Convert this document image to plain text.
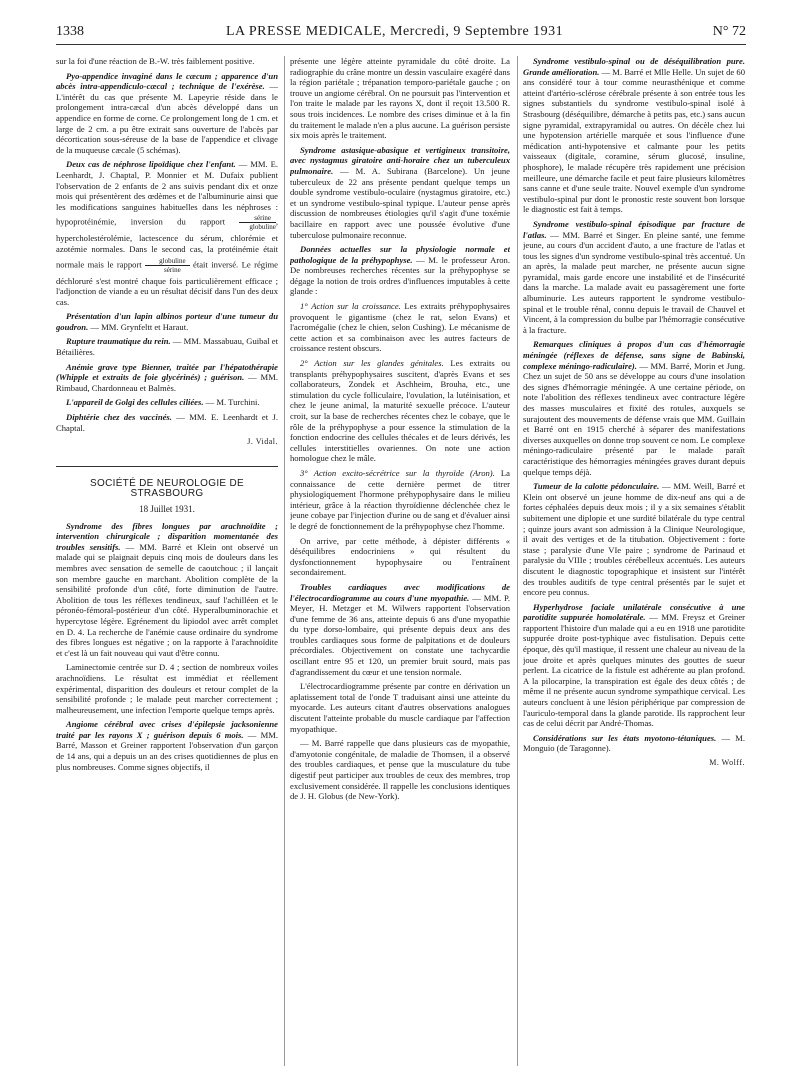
1338	LA PRESSE MEDICALE, Mercredi, 9 Septembre 1931	N° 72

sur la foi d'une réaction de B.-W. très faiblement positive.

Pyo-appendice invaginé dans le cæcum ; apparence d'un abcès intra-appendiculo-cæcal ; technique de l'exérèse. — L'intérêt du cas que présente M. Lapeyrie réside dans le prolongement intra-cæcal d'un abcès développé dans un appendice en forme de corne. Ce prolongement long de 1 cm. et large de 2 cm. a pu être extrait sans ouverture de l'abcès par décortication sous-séreuse de la base de l'appendice et clivage de la muqueuse cæcale (5 schémas).

Deux cas de néphrose lipoïdique chez l'enfant. — MM. E. Leenhardt, J. Chaptal, P. Monnier et M. Dufaix publient l'observation de 2 enfants de 2 ans suivis pendant dix et onze mois qui présentèrent des œdèmes et de l'albuminurie ainsi que les modifications sanguines habituelles dans les néphroses : hypoprotéinémie, inversion du rapport $\frac{\text{sérine}}{\text{globuline}}$ , hypercholestérolémie, lactescence du sérum, chlorémie et azotémie normales. Dans le second cas, la protéinémie était normale mais le rapport $\frac{\text{globuline}}{\text{sérine}}$ était inversé. Le régime déchloruré s'est montré chaque fois particulièrement efficace ; l'adjonction de viande a eu un résultat décisif dans l'un des deux cas.

Présentation d'un lapin albinos porteur d'une tumeur du goudron. — MM. Grynfeltt et Haraut.

Rupture traumatique du rein. — MM. Massabuau, Guibal et Bétailières.

Anémie grave type Bienner, traitée par l'hépatothérapie (Whipple et extraits de foie glycérinés) ; guérison. — MM. Rimbaud, Chardonneau et Balmès.

L'appareil de Golgi des cellules ciliées. — M. Turchini.

Diphtérie chez des vaccinés. — MM. E. Leenhardt et J. Chaptal.

J. Vidal.
SOCIÉTÉ DE NEUROLOGIE DE STRASBOURG
18 Juillet 1931.

Syndrome des fibres longues par arachnoïdite ; intervention chirurgicale ; disparition momentanée des troubles sensitifs. — MM. Barré et Klein ont observé un malade qui se plaignait depuis cinq mois de douleurs dans les membres avec sensation de semelle de caoutchouc ; il lançait son membre gauche en marchant. Abolition complète de la sensibilité profonde d'un côté, forte diminution de l'autre. Abolition de tous les réflexes tendineux, sauf l'achilléen et le péronéo-fémoral-postérieur d'un côté. Hyperalbuminorachie et hypercytose légère. Egrénement du lipiodol avec arrêt complet en D. 4. La recherche de l'anémie cause ordinaire du syndrome des fibres longues est négative ; on la rapporte à l'arachnoïdite et c'est là un fait nouveau qui vaut d'être connu.

Laminectomie centrée sur D. 4 ; section de nombreux voiles arachnoïdiens. Le résultat est immédiat et réellement expérimental, disparition des douleurs et retour complet de la sensibilité profonde ; le malade peut marcher correctement ; malheureusement, une infection l'emporte quelque temps après.

Angiome cérébral avec crises d'épilepsie jacksonienne traité par les rayons X ; guérison depuis 6 mois. — MM. Barré, Masson et Greiner rapportent l'observation d'un garçon de 14 ans, qui a depuis un an des crises quotidiennes de plus en plus nombreuses. Comme signes objectifs, il

présente une légère atteinte pyramidale du côté droite. La radiographie du crâne montre un dessin vasculaire exagéré dans la région pariétale ; trépanation temporo-pariétale gauche ; on trouve un angiome cérébral. On ne poursuit pas l'intervention et l'on traite le malade par les rayons X, dont il reçoit 13.500 R. sous trois incidences. Le nombre des crises diminue et à la fin du traitement le malade n'en a plus aucune. La guérison persiste six mois après le traitement.

Syndrome astasique-abasique et vertigineux transitoire, avec nystagmus giratoire anti-horaire chez un tuberculeux pulmonaire. — M. A. Subirana (Barcelone). Un jeune tuberculeux de 22 ans présente pendant quelque temps un double syndrome vestibulo-oculaire (nystagmus giratoire, etc.) et un syndrome vestibulo-spinal typique. L'auteur pense après discussion de nombreuses étiologies qu'il s'agit d'une toxémie bacillaire en rapport avec une poussée évolutive d'une tuberculose pulmonaire reconnue.

Données actuelles sur la physiologie normale et pathologique de la préhypophyse. — M. le professeur Aron. De nombreuses recherches récentes sur la préhypophyse se dégage la notion de trois ordres d'influences imputables à cette glande :

1° Action sur la croissance. Les extraits préhypophysaires provoquent le gigantisme (chez le rat, selon Evans) et l'acromégalie (chez le chien, selon Cushing). Le mécanisme de cette action et sa combinaison avec les autres facteurs de croissance restent obscurs.

2° Action sur les glandes génitales. Les extraits ou transplants préhypophysaires suscitent, d'après Evans et ses collaborateurs, Zondek et Aschheim, Brouha, etc., une stimulation du cycle folliculaire, l'ovulation, la lutéinisation, et chez le jeune animal, la maturité sexuelle précoce. L'auteur croit, sur la base de recherches récentes chez le cobaye, que le rôle de la préhypophyse a pour essence la stimulation de la fonction endocrine des cellules thécales et de leurs dérivés, les cellules interstitielles ovariennes. On note une action homologue chez le mâle.

3° Action excito-sécrétrice sur la thyroïde (Aron). La connaissance de cette dernière permet de titrer physiologiquement l'hormone préhypophysaire dans le milieu intérieur, grâce à la réaction thyroïdienne déclenchée chez le jeune cobaye par l'injection d'urine ou de sang et d'évaluer ainsi le degré de fonctionnement de la préhypophyse chez l'homme.

On arrive, par cette méthode, à dépister différents « déséquilibres endocriniens » qui résultent du dysfonctionnement hypophysaire ou l'entraînent secondairement.

Troubles cardiaques avec modifications de l'électrocardiogramme au cours d'une myopathie. — MM. P. Meyer, H. Metzger et M. Wilwers rapportent l'observation d'une femme de 36 ans, atteinte depuis 6 ans d'une myopathie du type dorso-lombaire, qui présente depuis deux ans des troubles cardiaques sous forme de palpitations et de douleurs précordiales. Objectivement on constate une tachycardie oscillant entre 95 et 120, un premier bruit sourd, mais pas d'agrandissement du cœur et une tension normale.

L'électrocardiogramme présente par contre en dérivation un aplatissement total de l'onde T traduisant ainsi une atteinte du myocarde. Les auteurs citant d'autres observations analogues discutent l'atteinte probable du muscle cardiaque par l'affection myopathique.

— M. Barré rappelle que dans plusieurs cas de myopathie, d'amyotonie congénitale, de maladie de Thomsen, il a observé des troubles cardiaques, et pense que la musculature du tube digestif peut participer aux troubles de ceux des membres, trop exclusivement considérée. Il rappelle les conclusions identiques de J. H. Globus (de New-York).

Syndrome vestibulo-spinal ou de déséquilibration pure. Grande amélioration. — M. Barré et Mlle Helle. Un sujet de 60 ans considéré tour à tour comme neurasthénique et comme atteint d'artério-sclérose cérébrale présente à son entrée tous les signes substantiels du syndrome vestibulo-spinal isolé à Strasbourg (déséquilibre, démarche à petits pas, etc.) sans aucun signe pyramidal, extrapyramidal ou autres. On décèle chez lui une hypotension artérielle marquée et sous l'influence d'une médication anti-hypotensive et calmante pour les petits vaisseaux (digitale, coramine, sérum glucosé, insuline, phosphore), le malade récupère très rapidement une précision meilleure, une démarche facile et peut faire plusieurs kilomètres sans canne et d'une seule traite. Nouvel exemple d'un syndrome vestibulo-spinal pur dont le pronostic reste souvent bon lorsque le diagnostic est fait à temps.

Syndrome vestibulo-spinal épisodique par fracture de l'atlas. — MM. Barré et Singer. En pleine santé, une femme jeune, au cours d'un accident d'auto, a une fracture de l'atlas et tous les signes d'un syndrome vestibulo-spinal très accentué. Un an après, la malade peut marcher, ne présente aucun signe pyramidal, mais garde encore une instabilité et de l'insécurité dans la marche. La malade avait eu passagèrement une forte albuminurie. Les auteurs rapportent le syndrome vestibulo-spinal et le trouble rénal, connu depuis le travail de Chauvel et Vincent, à la compression du bulbe par l'hémorragie consécutive à la fracture.

Remarques cliniques à propos d'un cas d'hémorragie méningée (réflexes de défense, sans signe de Babinski, complexe méningo-radiculaire). — MM. Barré, Morin et Jung. Chez un sujet de 50 ans se développe au cours d'une insolation des signes d'hémorragie méningée. A une certaine période, on note l'abolition des réflexes tendineux avec contracture légère des masses musculaires et fixité des rotules, auxquels se surajoutent des mouvements de défense vrais que MM. Guillain et Barré ont en 1915 cherché à séparer des manifestations diverses auxquelles on donne trop souvent ce nom. Le complexe méningo-radiculaire présenté par le malade paraît caractéristique des hémorragies méningées graves durant depuis quelque temps déjà.

Tumeur de la calotte pédonculaire. — MM. Weill, Barré et Klein ont observé un jeune homme de dix-neuf ans qui a de fortes céphalées depuis deux mois ; il y a six semaines s'établit subitement une diplopie et une surdité bilatérale du type central ; quinze jours avant son admission à la Clinique Neurologique, il avait des vertiges et de la titubation. Objectivement : forte stase ; paralysie d'une VIe paire ; syndrome de Parinaud et paralysie du VIIIe ; troubles cérébelleux accentués. Les auteurs discutent le diagnostic topographique et insistent sur l'intérêt des troubles auditifs de type central présentés par le sujet et encore peu connus.

Hyperhydrose faciale unilatérale consécutive à une parotidite suppurée homolatérale. — MM. Freysz et Greiner rapportent l'histoire d'un malade qui a eu en 1918 une parotidite suppurée droite post-typhique avec fistulisation. Depuis cette époque, dès qu'il mastique, il ressent une chaleur au niveau de la joue droite et après quelques minutes des gouttes de sueur perlent. La cicatrice de la fistule est adhérente au plan profond. A la pilocarpine, la transpiration est égale des deux côtés ; de même il ne présente aucun syndrome sympathique cervical. Les auteurs concluent à une lésion périphérique par compression de l'auriculo-temporal dans la glande parotide. Ils rapprochent leur cas de celui décrit par André-Thomas.

Considérations sur les états myotono-tétaniques. — M. Monguio (de Taragonne).

M. Wolff.
